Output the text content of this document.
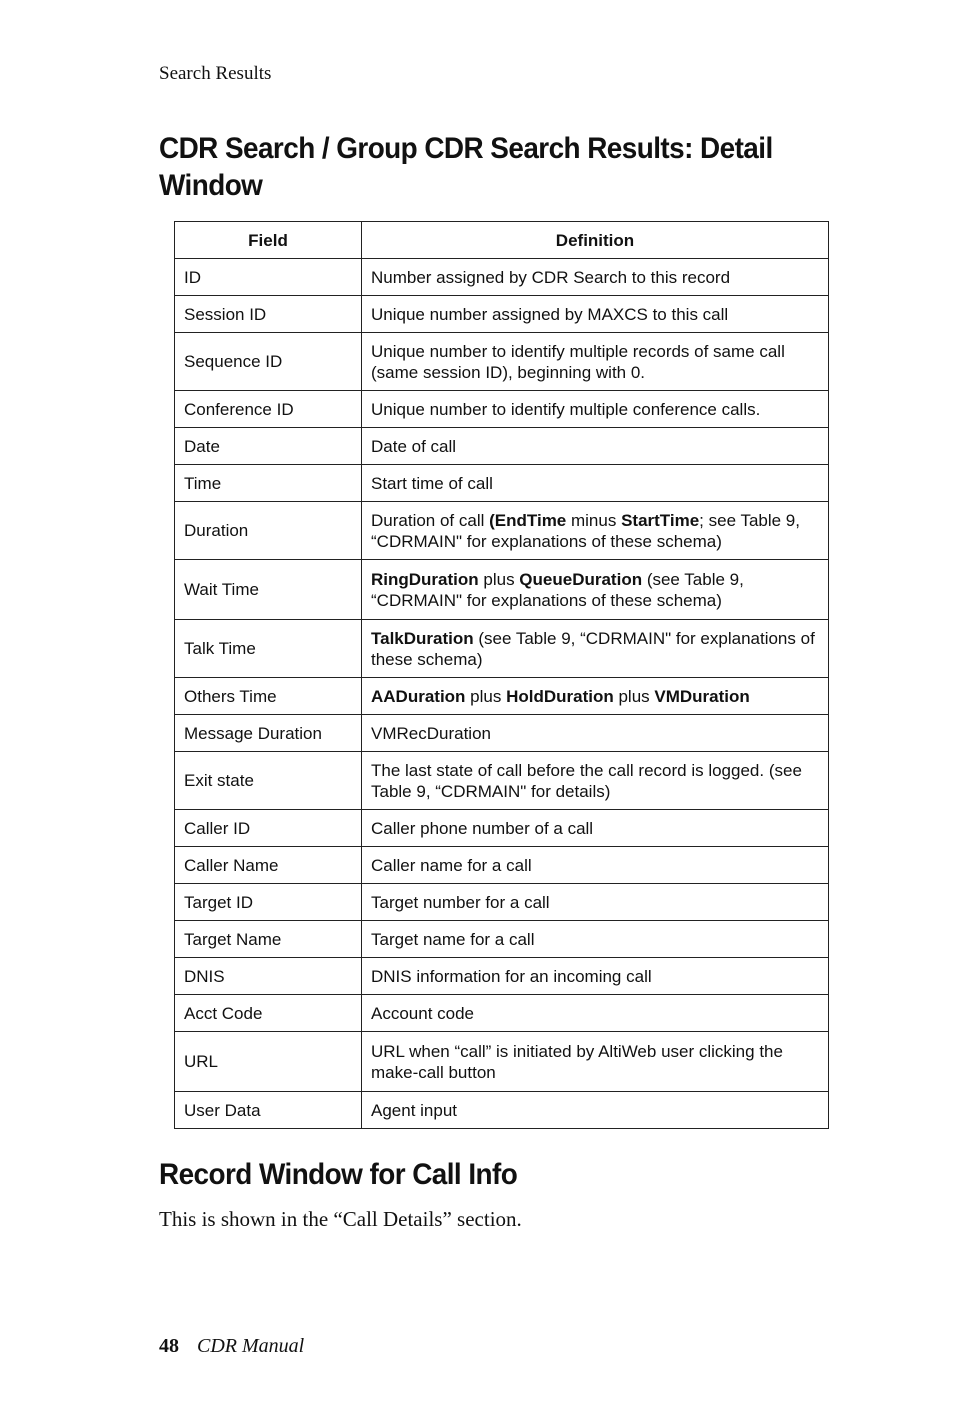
Search Results
CDR Search / Group CDR Search Results: Detail Window
Field	Definition
ID	Number assigned by CDR Search to this record
Session ID	Unique number assigned by MAXCS to this call
Sequence ID	Unique number to identify multiple records of same call (same session ID), beginning with 0.
Conference ID	Unique number to identify multiple conference calls.
Date	Date of call
Time	Start time of call
Duration	Duration of call (EndTime minus StartTime; see Table 9, “CDRMAIN" for explanations of these schema)
Wait Time	RingDuration plus QueueDuration (see Table 9, “CDRMAIN" for explanations of these schema)
Talk Time	TalkDuration (see Table 9, “CDRMAIN" for explanations of these schema)
Others Time	AADuration plus HoldDuration plus VMDuration
Message Duration	VMRecDuration
Exit state	The last state of call before the call record is logged. (see Table 9, “CDRMAIN" for details)
Caller ID	Caller phone number of a call
Caller Name	Caller name for a call
Target ID	Target number for a call
Target Name	Target name for a call
DNIS	DNIS information for an incoming call
Acct Code	Account code
URL	URL when “call” is initiated by AltiWeb user clicking the make-call button
User Data	Agent input
Record Window for Call Info
This is shown in the “Call Details” section.
48 CDR Manual
